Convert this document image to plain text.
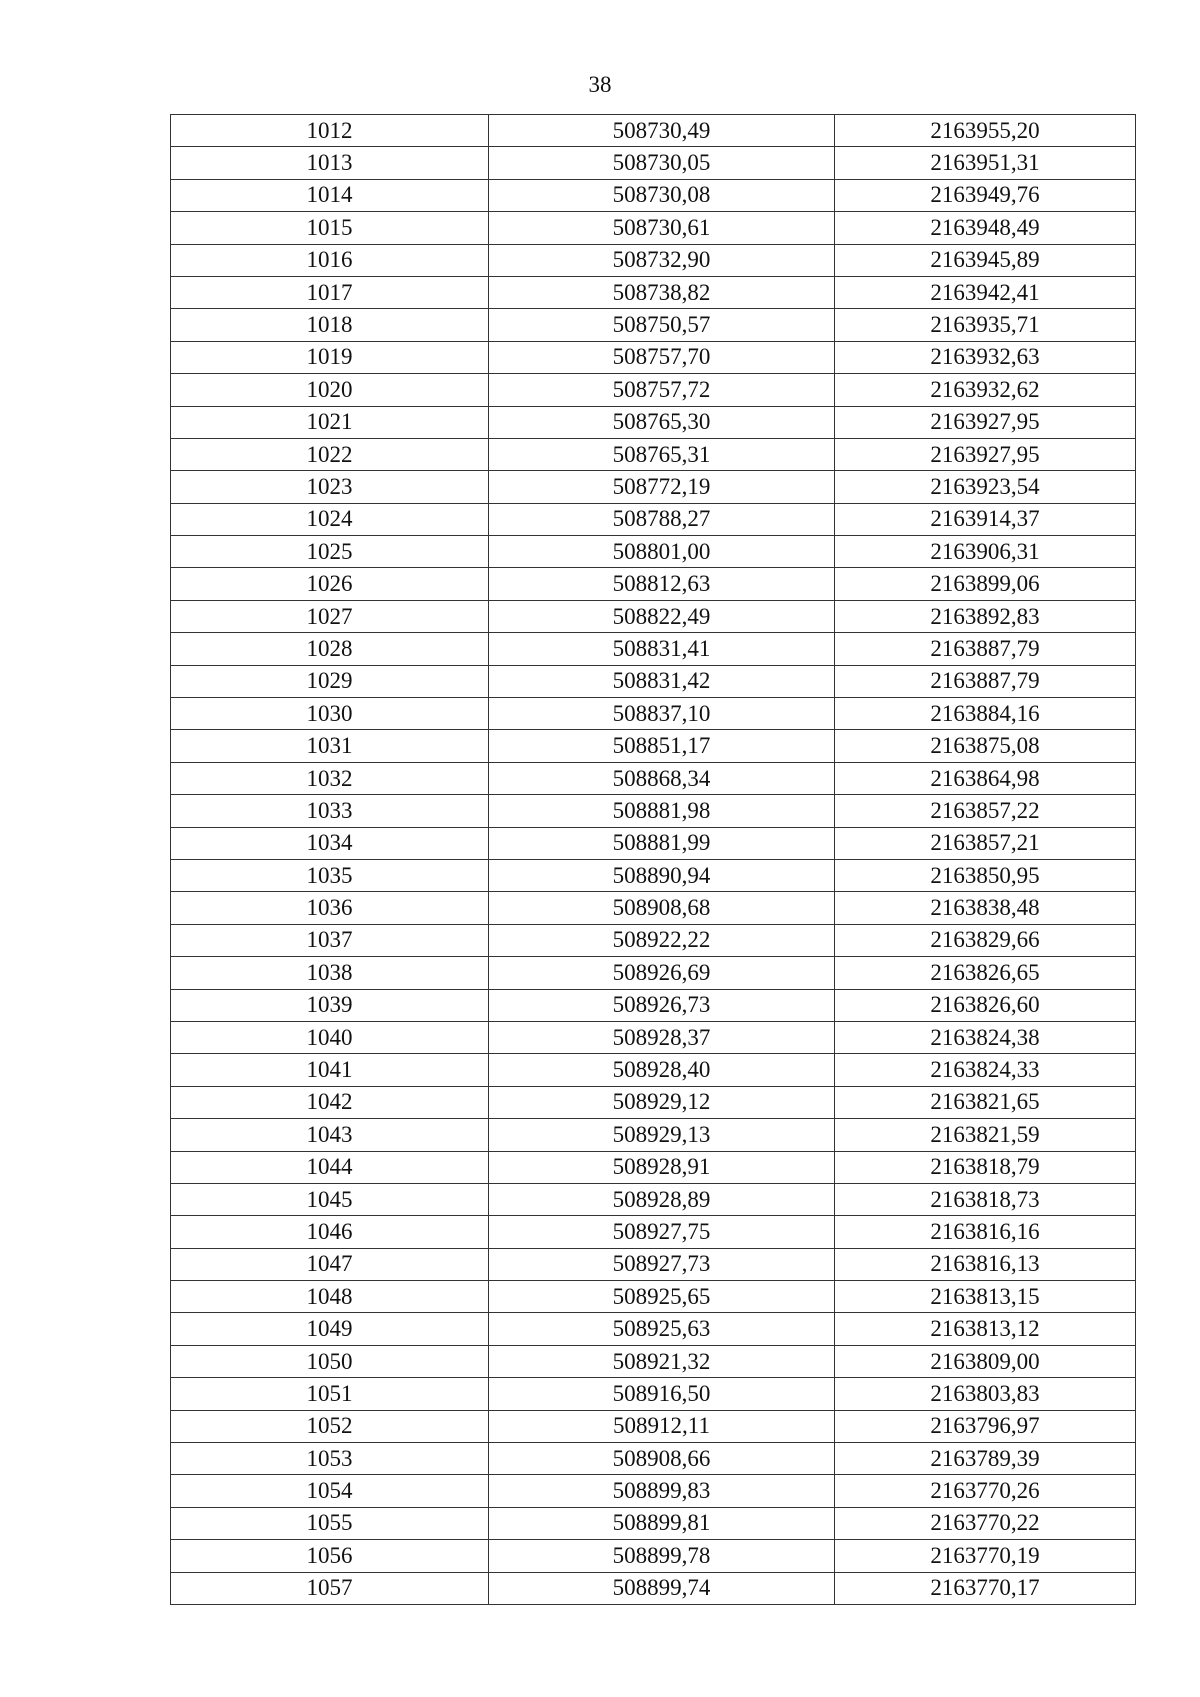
38
1012	508730,49	2163955,20
1013	508730,05	2163951,31
1014	508730,08	2163949,76
1015	508730,61	2163948,49
1016	508732,90	2163945,89
1017	508738,82	2163942,41
1018	508750,57	2163935,71
1019	508757,70	2163932,63
1020	508757,72	2163932,62
1021	508765,30	2163927,95
1022	508765,31	2163927,95
1023	508772,19	2163923,54
1024	508788,27	2163914,37
1025	508801,00	2163906,31
1026	508812,63	2163899,06
1027	508822,49	2163892,83
1028	508831,41	2163887,79
1029	508831,42	2163887,79
1030	508837,10	2163884,16
1031	508851,17	2163875,08
1032	508868,34	2163864,98
1033	508881,98	2163857,22
1034	508881,99	2163857,21
1035	508890,94	2163850,95
1036	508908,68	2163838,48
1037	508922,22	2163829,66
1038	508926,69	2163826,65
1039	508926,73	2163826,60
1040	508928,37	2163824,38
1041	508928,40	2163824,33
1042	508929,12	2163821,65
1043	508929,13	2163821,59
1044	508928,91	2163818,79
1045	508928,89	2163818,73
1046	508927,75	2163816,16
1047	508927,73	2163816,13
1048	508925,65	2163813,15
1049	508925,63	2163813,12
1050	508921,32	2163809,00
1051	508916,50	2163803,83
1052	508912,11	2163796,97
1053	508908,66	2163789,39
1054	508899,83	2163770,26
1055	508899,81	2163770,22
1056	508899,78	2163770,19
1057	508899,74	2163770,17
